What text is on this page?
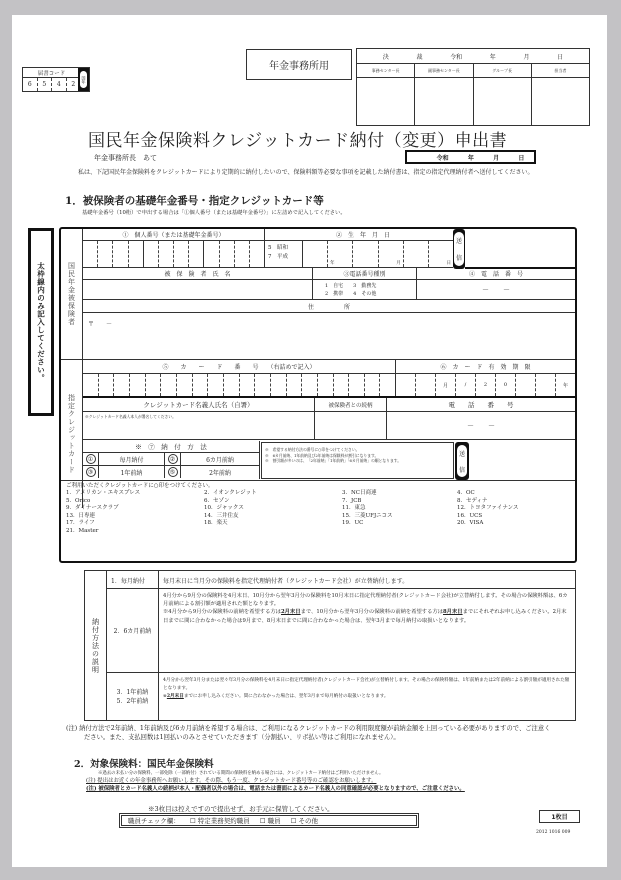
届書コード
6	5	4	2
国年
年金事務所用
決	裁	令和	年	月	日
事務センター長	副事務センター長	グループ長	担当者
国民年金保険料クレジットカード納付（変更）申出書
年金事務所長　あて	令和	年	月	日
私は、下記国民年金保険料をクレジットカードにより定期的に納付したいので、保険料額等必要な事項を記載した納付書は、指定の指定代理納付者へ送付してください。
1．被保険者の基礎年金番号・指定クレジットカード等
基礎年金番号（10桁）で申出する場合は「①個人番号（または基礎年金番号）」に左詰めで記入してください。
太枠線内のみ記入してください。	国民年金被保険者
①　個人番号（または基礎年金番号）	②　生　年　月　日
5　昭和
7　平成
年	月	日
送
信
被　保　険　者　氏　名	③電話番号種別	④　電　話　番　号
1　自宅　　3　勤務先
2　携帯　　4　その他	－　　－
住　　　　　所
〒　　－
指定クレジットカード
⑤　　カ　　ー　　ド　　番　　号　　（右詰めで記入）	⑥　カ　ー　ド　有　効　期　限
月	/	2	0	年
クレジットカード名義人氏名（自署）	被保険者との続柄	電　　話　　番　　号
※クレジットカード名義人本人が署名してください。
－　　－
※　⑦　納　付　方　法
①	毎月納付	②	6カ月前納
③	1年前納	⑤	2年前納
※　希望する納付方法の番号に○印をつけてください。
※　6カ月前納、1年前納及び2年前納は保険料が割引になります。
※　割引額が多いのは、「2年前納」「1年前納」「6カ月前納」の順となります。
送
信
ご利用いただくクレジットカードに○印をつけてください。
1．アメリカン・エキスプレス	2．イオンクレジット	3．NC日商連	4．OC
5．Orico	6．セゾン	7．JCB	8．セディナ
9．ダイナースクラブ	10．ジャックス	11．東急	12．トヨタファイナンス
13．日専連	14．三井住友	15．三菱UFJニコス	16．UCS
17．ライフ	18．楽天	19．UC	20．VISA
21．Master
納付方法の説明
1．毎月納付	毎月末日に当月分の保険料を指定代理納付者（クレジットカード会社）が立替納付します。
2．6カ月前納
4月分から9月分の保険料を4月末日、10月分から翌年3月分の保険料を10月末日に指定代理納付者(クレジットカード会社)が立替納付します。その場合の保険料額は、6カ月前納による割引額が適用された額となります。
※4月分から9月分の保険料の前納を希望する方は2月末日まで、10月分から翌年3月分の保険料の前納を希望する方は8月末日までにそれぞれお申し込みください。2月末日までに間に合わなかった場合は9月まで、8月末日までに間に合わなかった場合は、翌年3月まで毎月納付の取扱いとなります。
3．1年前納
5．2年前納
4月分から翌年3月分または翌々年3月分の保険料を4月末日に指定代理納付者(クレジットカード会社)が立替納付します。その場合の保険料額は、1年前納または2年前納による割引額が適用された額となります。
※2月末日までにお申し込みください。間に合わなかった場合は、翌年3月まで毎月納付の取扱いとなります。
(注) 納付方法で2年前納、1年前納及び6カ月前納を希望する場合は、ご利用になるクレジットカードの利用限度額が前納金額を上回っている必要がありますので、ご注意ください。また、支払回数は1回払いのみとさせていただきます（分割払い、リボ払い等はご利用になれません）。
2．対象保険料：国民年金保険料
※過去の未払い分の保険料、一部免除（一部納付）されている期間の保険料を納める場合には、クレジットカード納付はご利用いただけません。
(注) 提出はお近くの年金事務所へお願いします。その際、もう一度、クレジットカード番号等のご確認をお願いします。
(注) 被保険者とカード名義人の続柄が本人・配偶者以外の場合は、電話または書面によるカード名義人の同意確認が必要となりますので、ご注意ください。
※3枚目は控えですので提出せず、お手元に保管してください。
職員チェック欄： ☐ 特定業務契約職員 ☐ 職員 ☐ その他	1枚目
2012 1016 009
